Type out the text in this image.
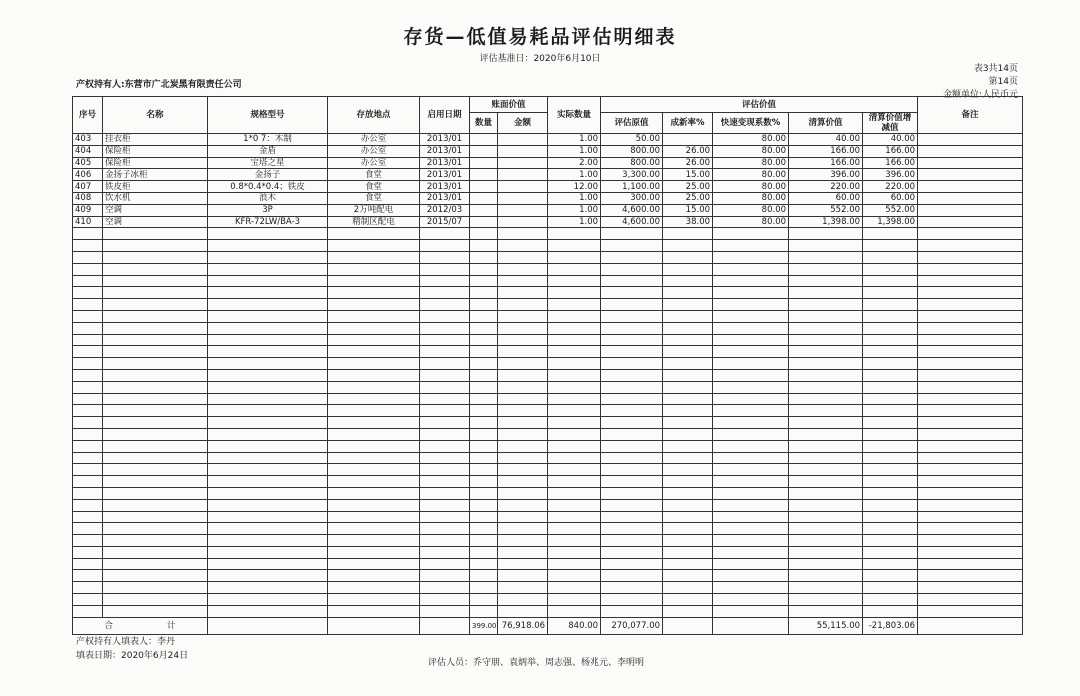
存货—低值易耗品评估明细表
评估基准日：2020年6月10日
表3共14页
第14页
金额单位:人民币元
产权持有人:东营市广北炭黑有限责任公司
序号	名称	规格型号	存放地点	启用日期	账面价值		实际数量	评估价值					备注
					数量	金额		评估原值	成新率%	快速变现系数%	清算价值	清算价值增减值	
403	挂衣柜	1*0 7：木制	办公室	2013/01			1.00	50.00		80.00	40.00	40.00	
404	保险柜	金盾	办公室	2013/01			1.00	800.00	26.00	80.00	166.00	166.00	
405	保险柜	宝塔之星	办公室	2013/01			2.00	800.00	26.00	80.00	166.00	166.00	
406	金扬子冰柜	金扬子	食堂	2013/01			1.00	3,300.00	15.00	80.00	396.00	396.00	
407	铁皮柜	0.8*0.4*0.4；铁皮	食堂	2013/01			12.00	1,100.00	25.00	80.00	220.00	220.00	
408	饮水机	浪木	食堂	2013/01			1.00	300.00	25.00	80.00	60.00	60.00	
409	空调	3P	2万吨配电	2012/03			1.00	4,600.00	15.00	80.00	552.00	552.00	
410	空调	KFR-72LW/BA-3	精制区配电	2015/07			1.00	4,600.00	38.00	80.00	1,398.00	1,398.00	

合 计					399.00	76,918.06	840.00	270,077.00			55,115.00	-21,803.06	
产权持有人填表人：李丹
填表日期：2020年6月24日
评估人员：乔守朋、袁炳举、周志强、杨兆元、李明明
